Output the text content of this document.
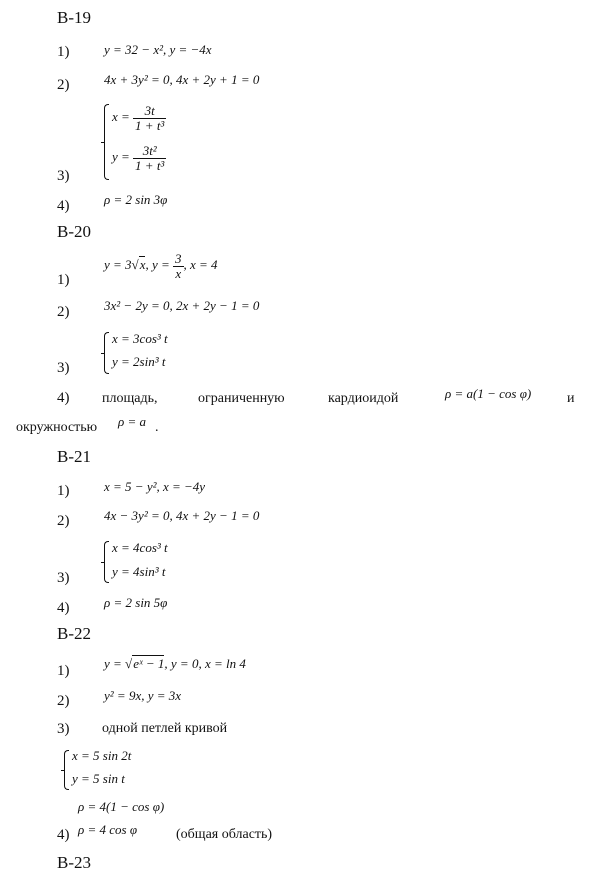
B-19
1)	y = 32 − x², y = −4x
2)	4x + 3y² = 0, 4x + 2y + 1 = 0
$x = \frac{3t}{\text{1 + t³}}$
$y = \frac{\text{3t²}}{\text{1 + t³}}$
3)
4)	ρ = 2 sin 3φ
B-20
y = 3√x, $y = \frac{3}{x}$ , x = 4
1)
2)	3x² − 2y = 0, 2x + 2y − 1 = 0
x = 3cos³ t
y = 2sin³ t
3)
4) площадь,	ограниченную	кардиоидой	ρ = a(1 − cos φ)	и
окружностью ρ = a .
B-21
1)	x = 5 − y², x = −4y
2)	4x − 3y² = 0, 4x + 2y − 1 = 0
x = 4cos³ t
y = 4sin³ t
3)
4)	ρ = 2 sin 5φ
B-22
1)	y = √eˣ − 1, y = 0, x = ln 4
2)	y² = 9x, y = 3x
3) одной петлей кривой
x = 5 sin 2t
y = 5 sin t
ρ = 4(1 − cos φ)
4) ρ = 4 cos φ	(общая область)
B-23
